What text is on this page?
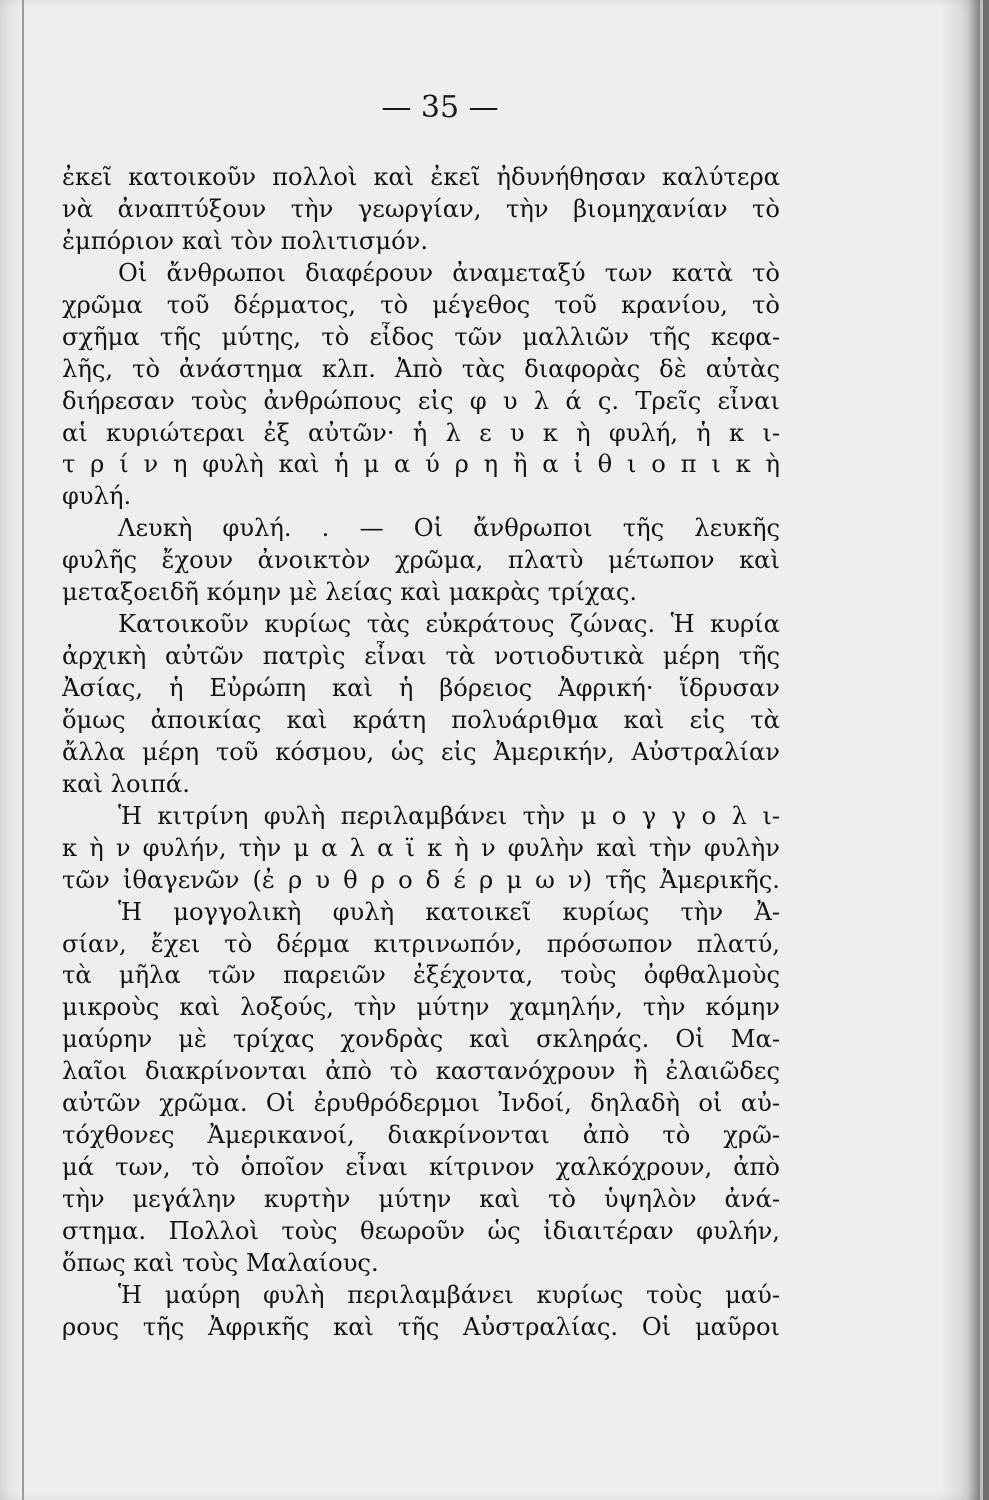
— 35 —
ἐκεῖ κατοικοῦν πολλοὶ καὶ ἐκεῖ ἠδυνήθησαν καλύτερα
νὰ ἀναπτύξουν τὴν γεωργίαν, τὴν βιομηχανίαν τὸ
ἐμπόριον καὶ τὸν πολιτισμόν.
Οἱ ἄνθρωποι διαφέρουν ἀναμεταξύ των κατὰ τὸ
χρῶμα τοῦ δέρματος, τὸ μέγεθος τοῦ κρανίου, τὸ
σχῆμα τῆς μύτης, τὸ εἶδος τῶν μαλλιῶν τῆς κεφα-
λῆς, τὸ ἀνάστημα κλπ. Ἀπὸ τὰς διαφορὰς δὲ αὐτὰς
διήρεσαν τοὺς ἀνθρώπους εἰς φ υ λ ά ς. Τρεῖς εἶναι
αἱ κυριώτεραι ἐξ αὐτῶν· ἡ λ ε υ κ ὴ φυλή, ἡ κ ι-
τ ρ ί ν η φυλὴ καὶ ἡ μ α ύ ρ η ἢ α ἰ θ ι ο π ι κ ὴ
φυλή.
Λευκὴ φυλή. . — Οἱ ἄνθρωποι τῆς λευκῆς
φυλῆς ἔχουν ἀνοικτὸν χρῶμα, πλατὺ μέτωπον καὶ
μεταξοειδῆ κόμην μὲ λείας καὶ μακρὰς τρίχας.
Κατοικοῦν κυρίως τὰς εὐκράτους ζώνας. Ἡ κυρία
ἀρχικὴ αὐτῶν πατρὶς εἶναι τὰ νοτιοδυτικὰ μέρη τῆς
Ἀσίας, ἡ Εὐρώπη καὶ ἡ βόρειος Ἀφρική· ἵδρυσαν
ὅμως ἀποικίας καὶ κράτη πολυάριθμα καὶ εἰς τὰ
ἄλλα μέρη τοῦ κόσμου, ὡς εἰς Ἀμερικήν, Αὐστραλίαν
καὶ λοιπά.
Ἡ κιτρίνη φυλὴ περιλαμβάνει τὴν μ ο γ γ ο λ ι-
κ ὴ ν φυλήν, τὴν μ α λ α ϊ κ ὴ ν φυλὴν καὶ τὴν φυλὴν
τῶν ἰθαγενῶν (ἐ ρ υ θ ρ ο δ έ ρ μ ω ν) τῆς Ἀμερικῆς.
Ἡ μογγολικὴ φυλὴ κατοικεῖ κυρίως τὴν Ἀ-
σίαν, ἔχει τὸ δέρμα κιτρινωπόν, πρόσωπον πλατύ,
τὰ μῆλα τῶν παρειῶν ἐξέχοντα, τοὺς ὀφθαλμοὺς
μικροὺς καὶ λοξούς, τὴν μύτην χαμηλήν, τὴν κόμην
μαύρην μὲ τρίχας χονδρὰς καὶ σκληράς. Οἱ Μα-
λαῖοι διακρίνονται ἀπὸ τὸ καστανόχρουν ἢ ἐλαιῶδες
αὐτῶν χρῶμα. Οἱ ἐρυθρόδερμοι Ἰνδοί, δηλαδὴ οἱ αὐ-
τόχθονες Ἀμερικανοί, διακρίνονται ἀπὸ τὸ χρῶ-
μά των, τὸ ὁποῖον εἶναι κίτρινον χαλκόχρουν, ἀπὸ
τὴν μεγάλην κυρτὴν μύτην καὶ τὸ ὑψηλὸν ἀνά-
στημα. Πολλοὶ τοὺς θεωροῦν ὡς ἰδιαιτέραν φυλήν,
ὅπως καὶ τοὺς Μαλαίους.
Ἡ μαύρη φυλὴ περιλαμβάνει κυρίως τοὺς μαύ-
ρους τῆς Ἀφρικῆς καὶ τῆς Αὐστραλίας. Οἱ μαῦροι
